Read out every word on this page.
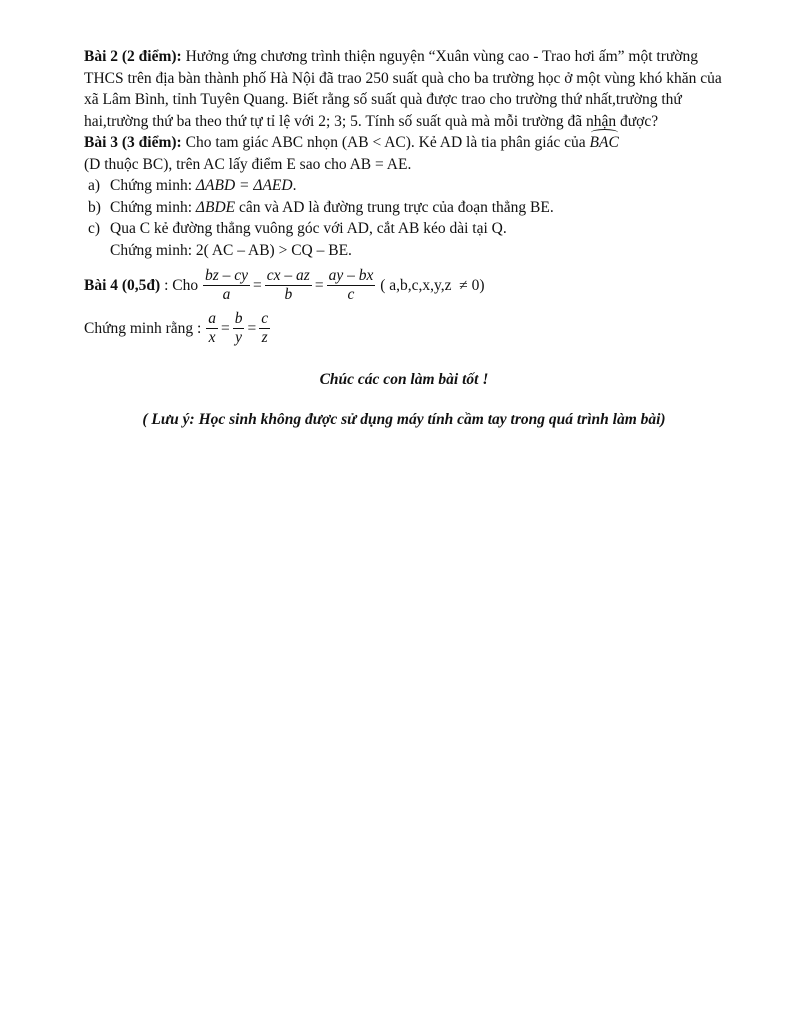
Bài 2 (2 điểm): Hưởng ứng chương trình thiện nguyện “Xuân vùng cao - Trao hơi ấm” một trường THCS trên địa bàn thành phố Hà Nội đã trao 250 suất quà cho ba trường học ở một vùng khó khăn của xã Lâm Bình, tỉnh Tuyên Quang. Biết rằng số suất quà được trao cho trường thứ nhất,trường thứ hai,trường thứ ba theo thứ tự tỉ lệ với 2; 3; 5. Tính số suất quà mà mỗi trường đã nhận được?

Bài 3 (3 điểm): Cho tam giác ABC nhọn (AB < AC). Kẻ AD là tia phân giác của BAC

(D thuộc BC), trên AC lấy điểm E sao cho AB = AE.

a) Chứng minh: ΔABD = ΔAED.
b) Chứng minh: ΔBDE cân và AD là đường trung trực của đoạn thẳng BE.
c) Qua C kẻ đường thẳng vuông góc với AD, cắt AB kéo dài tại Q.
Chứng minh: 2( AC – AB) > CQ – BE.
Bài 4 (0,5đ) : Cho $\frac{bz - cy}{a} = \frac{cx - az}{b} = \frac{ay - bx}{c}$ ( a,b,c,x,y,z  ≠ 0)
Chứng minh rằng : $\frac{a}{x} = \frac{b}{y} = \frac{c}{z}$

Chúc các con làm bài tốt !

( Lưu ý: Học sinh không được sử dụng máy tính cầm tay trong quá trình làm bài)
